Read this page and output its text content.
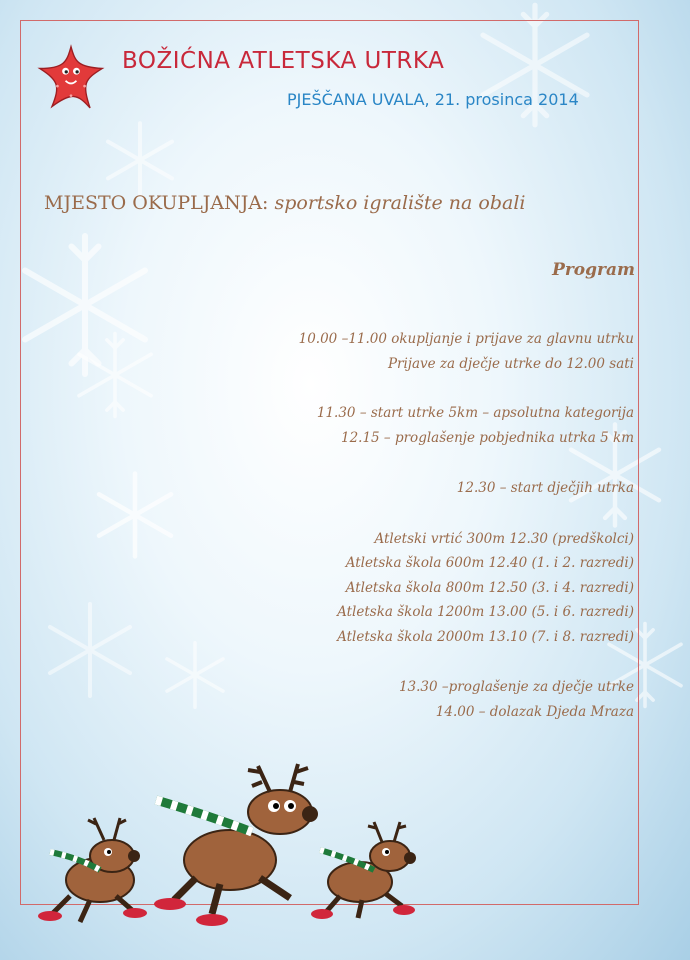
BOŽIĆNA ATLETSKA UTRKA
PJEŠČANA UVALA, 21. prosinca 2014
MJESTO OKUPLJANJA: sportsko igralište na obali
Program
10.00 –11.00 okupljanje i prijave za glavnu utrku
Prijave za dječje utrke do 12.00 sati
11.30 – start utrke 5km – apsolutna kategorija
12.15 – proglašenje pobjednika utrka 5 km
12.30 – start dječjih utrka
Atletski vrtić 300m 12.30 (predškolci)
Atletska škola 600m 12.40 (1. i 2. razredi)
Atletska škola 800m 12.50 (3. i 4. razredi)
Atletska škola 1200m 13.00 (5. i 6. razredi)
Atletska škola 2000m 13.10 (7. i 8. razredi)
13.30 –proglašenje za dječje utrke
14.00 – dolazak Djeda Mraza
